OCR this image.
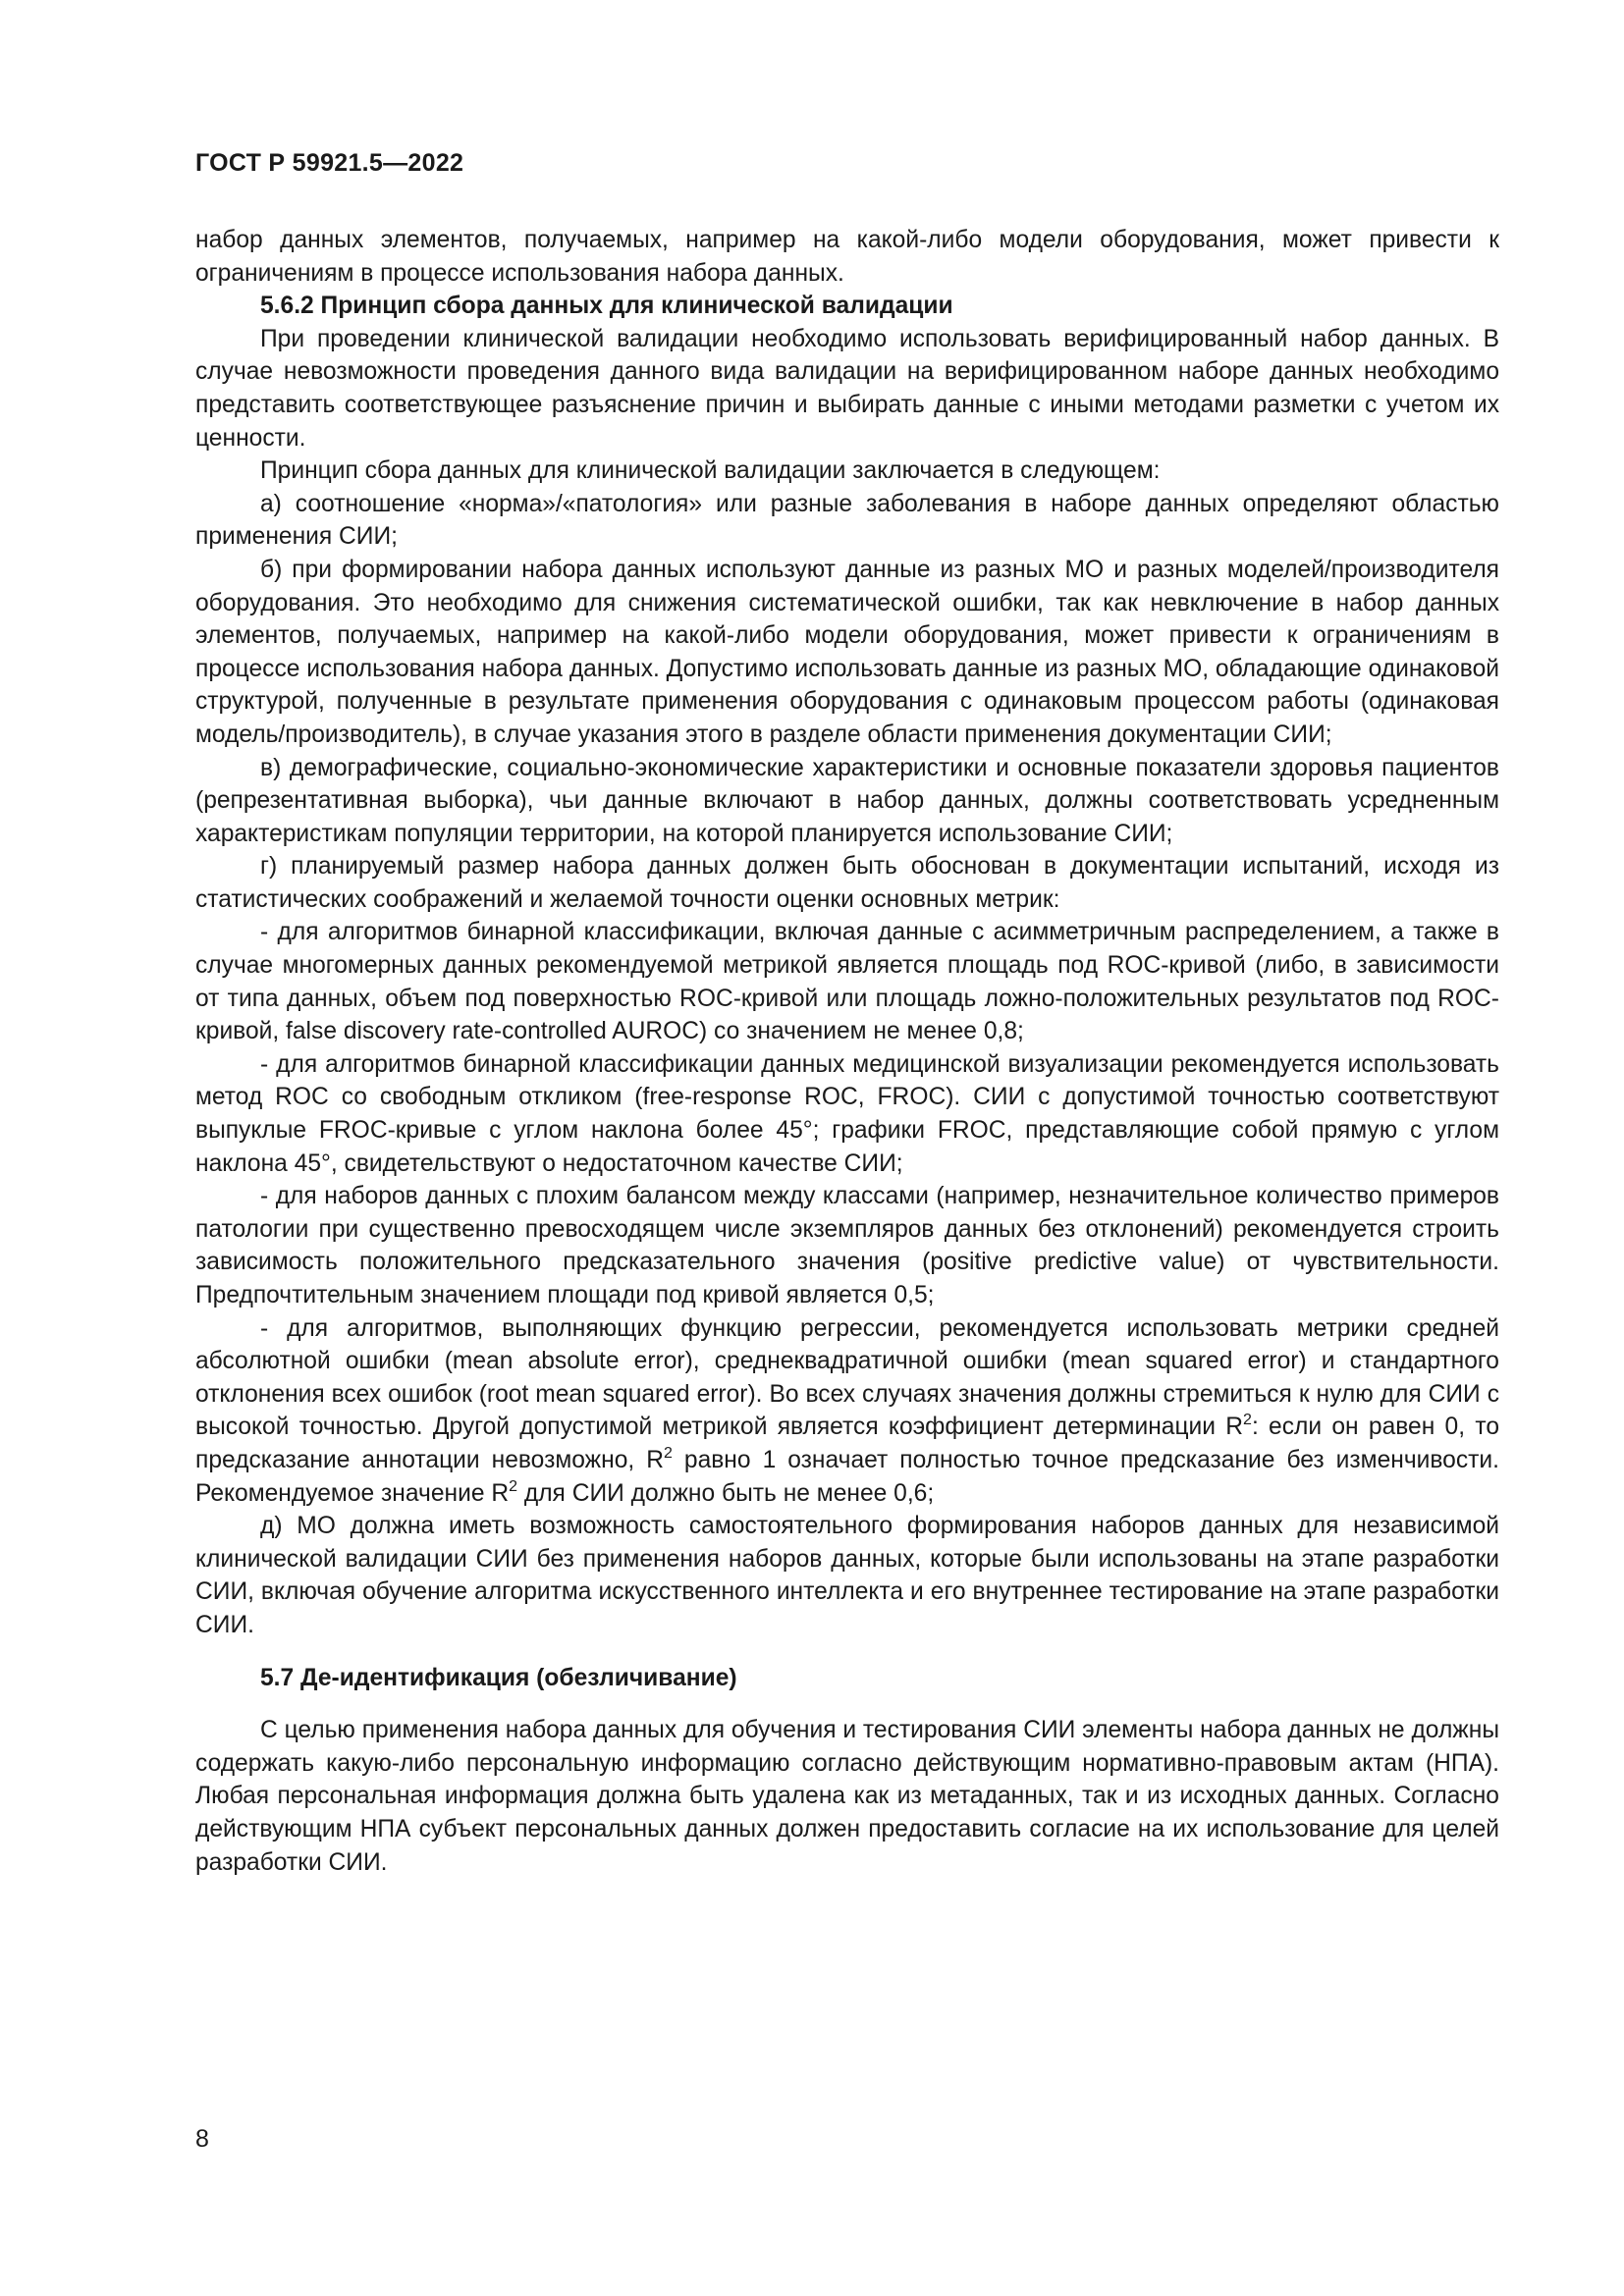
ГОСТ Р 59921.5—2022

набор данных элементов, получаемых, например на какой-либо модели оборудования, может привести к ограничениям в процессе использования набора данных.

5.6.2 Принцип сбора данных для клинической валидации

При проведении клинической валидации необходимо использовать верифицированный набор данных. В случае невозможности проведения данного вида валидации на верифицированном наборе данных необходимо представить соответствующее разъяснение причин и выбирать данные с иными методами разметки с учетом их ценности.

Принцип сбора данных для клинической валидации заключается в следующем:

а) соотношение «норма»/«патология» или разные заболевания в наборе данных определяют областью применения СИИ;

б) при формировании набора данных используют данные из разных МО и разных моделей/производителя оборудования. Это необходимо для снижения систематической ошибки, так как невключение в набор данных элементов, получаемых, например на какой-либо модели оборудования, может привести к ограничениям в процессе использования набора данных. Допустимо использовать данные из разных МО, обладающие одинаковой структурой, полученные в результате применения оборудования с одинаковым процессом работы (одинаковая модель/производитель), в случае указания этого в разделе области применения документации СИИ;

в) демографические, социально-экономические характеристики и основные показатели здоровья пациентов (репрезентативная выборка), чьи данные включают в набор данных, должны соответствовать усредненным характеристикам популяции территории, на которой планируется использование СИИ;

г) планируемый размер набора данных должен быть обоснован в документации испытаний, исходя из статистических соображений и желаемой точности оценки основных метрик:

- для алгоритмов бинарной классификации, включая данные с асимметричным распределением, а также в случае многомерных данных рекомендуемой метрикой является площадь под ROC-кривой (либо, в зависимости от типа данных, объем под поверхностью ROC-кривой или площадь ложно-положительных результатов под ROC-кривой, false discovery rate-controlled AUROC) со значением не менее 0,8;

- для алгоритмов бинарной классификации данных медицинской визуализации рекомендуется использовать метод ROC со свободным откликом (free-response ROC, FROC). СИИ с допустимой точностью соответствуют выпуклые FROC-кривые с углом наклона более 45°; графики FROC, представляющие собой прямую с углом наклона 45°, свидетельствуют о недостаточном качестве СИИ;

- для наборов данных с плохим балансом между классами (например, незначительное количество примеров патологии при существенно превосходящем числе экземпляров данных без отклонений) рекомендуется строить зависимость положительного предсказательного значения (positive predictive value) от чувствительности. Предпочтительным значением площади под кривой является 0,5;

- для алгоритмов, выполняющих функцию регрессии, рекомендуется использовать метрики средней абсолютной ошибки (mean absolute error), среднеквадратичной ошибки (mean squared error) и стандартного отклонения всех ошибок (root mean squared error). Во всех случаях значения должны стремиться к нулю для СИИ с высокой точностью. Другой допустимой метрикой является коэффициент детерминации $R^2$: если он равен 0, то предсказание аннотации невозможно, $R^2$ равно 1 означает полностью точное предсказание без изменчивости. Рекомендуемое значение $R^2$ для СИИ должно быть не менее 0,6;

д) МО должна иметь возможность самостоятельного формирования наборов данных для независимой клинической валидации СИИ без применения наборов данных, которые были использованы на этапе разработки СИИ, включая обучение алгоритма искусственного интеллекта и его внутреннее тестирование на этапе разработки СИИ.

5.7 Де-идентификация (обезличивание)

С целью применения набора данных для обучения и тестирования СИИ элементы набора данных не должны содержать какую-либо персональную информацию согласно действующим нормативно-правовым актам (НПА). Любая персональная информация должна быть удалена как из метаданных, так и из исходных данных. Согласно действующим НПА субъект персональных данных должен предоставить согласие на их использование для целей разработки СИИ.

8
